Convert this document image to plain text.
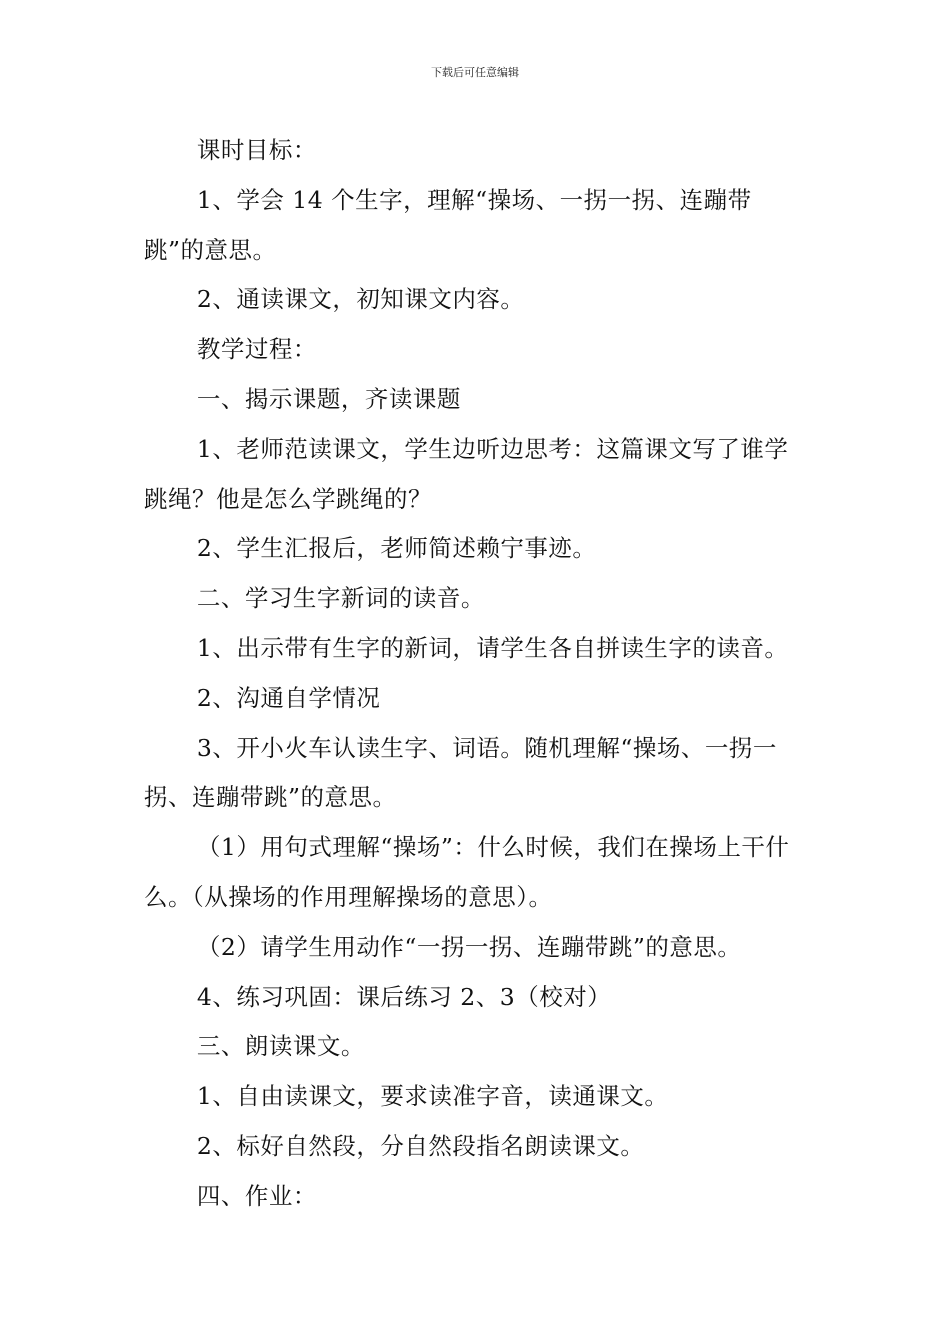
下载后可任意编辑

课时目标：

1、学会 14 个生字，理解“操场、一拐一拐、连蹦带跳”的意思。

2、通读课文，初知课文内容。

教学过程：

一、揭示课题，齐读课题

1、老师范读课文，学生边听边思考：这篇课文写了谁学跳绳？他是怎么学跳绳的？

2、学生汇报后，老师简述赖宁事迹。

二、学习生字新词的读音。

1、出示带有生字的新词，请学生各自拼读生字的读音。

2、沟通自学情况

3、开小火车认读生字、词语。随机理解“操场、一拐一拐、连蹦带跳”的意思。

（1）用句式理解“操场”：什么时候，我们在操场上干什么。（从操场的作用理解操场的意思）。

（2）请学生用动作“一拐一拐、连蹦带跳”的意思。

4、练习巩固：课后练习 2、3（校对）

三、朗读课文。

1、自由读课文，要求读准字音，读通课文。

2、标好自然段，分自然段指名朗读课文。

四、作业：
